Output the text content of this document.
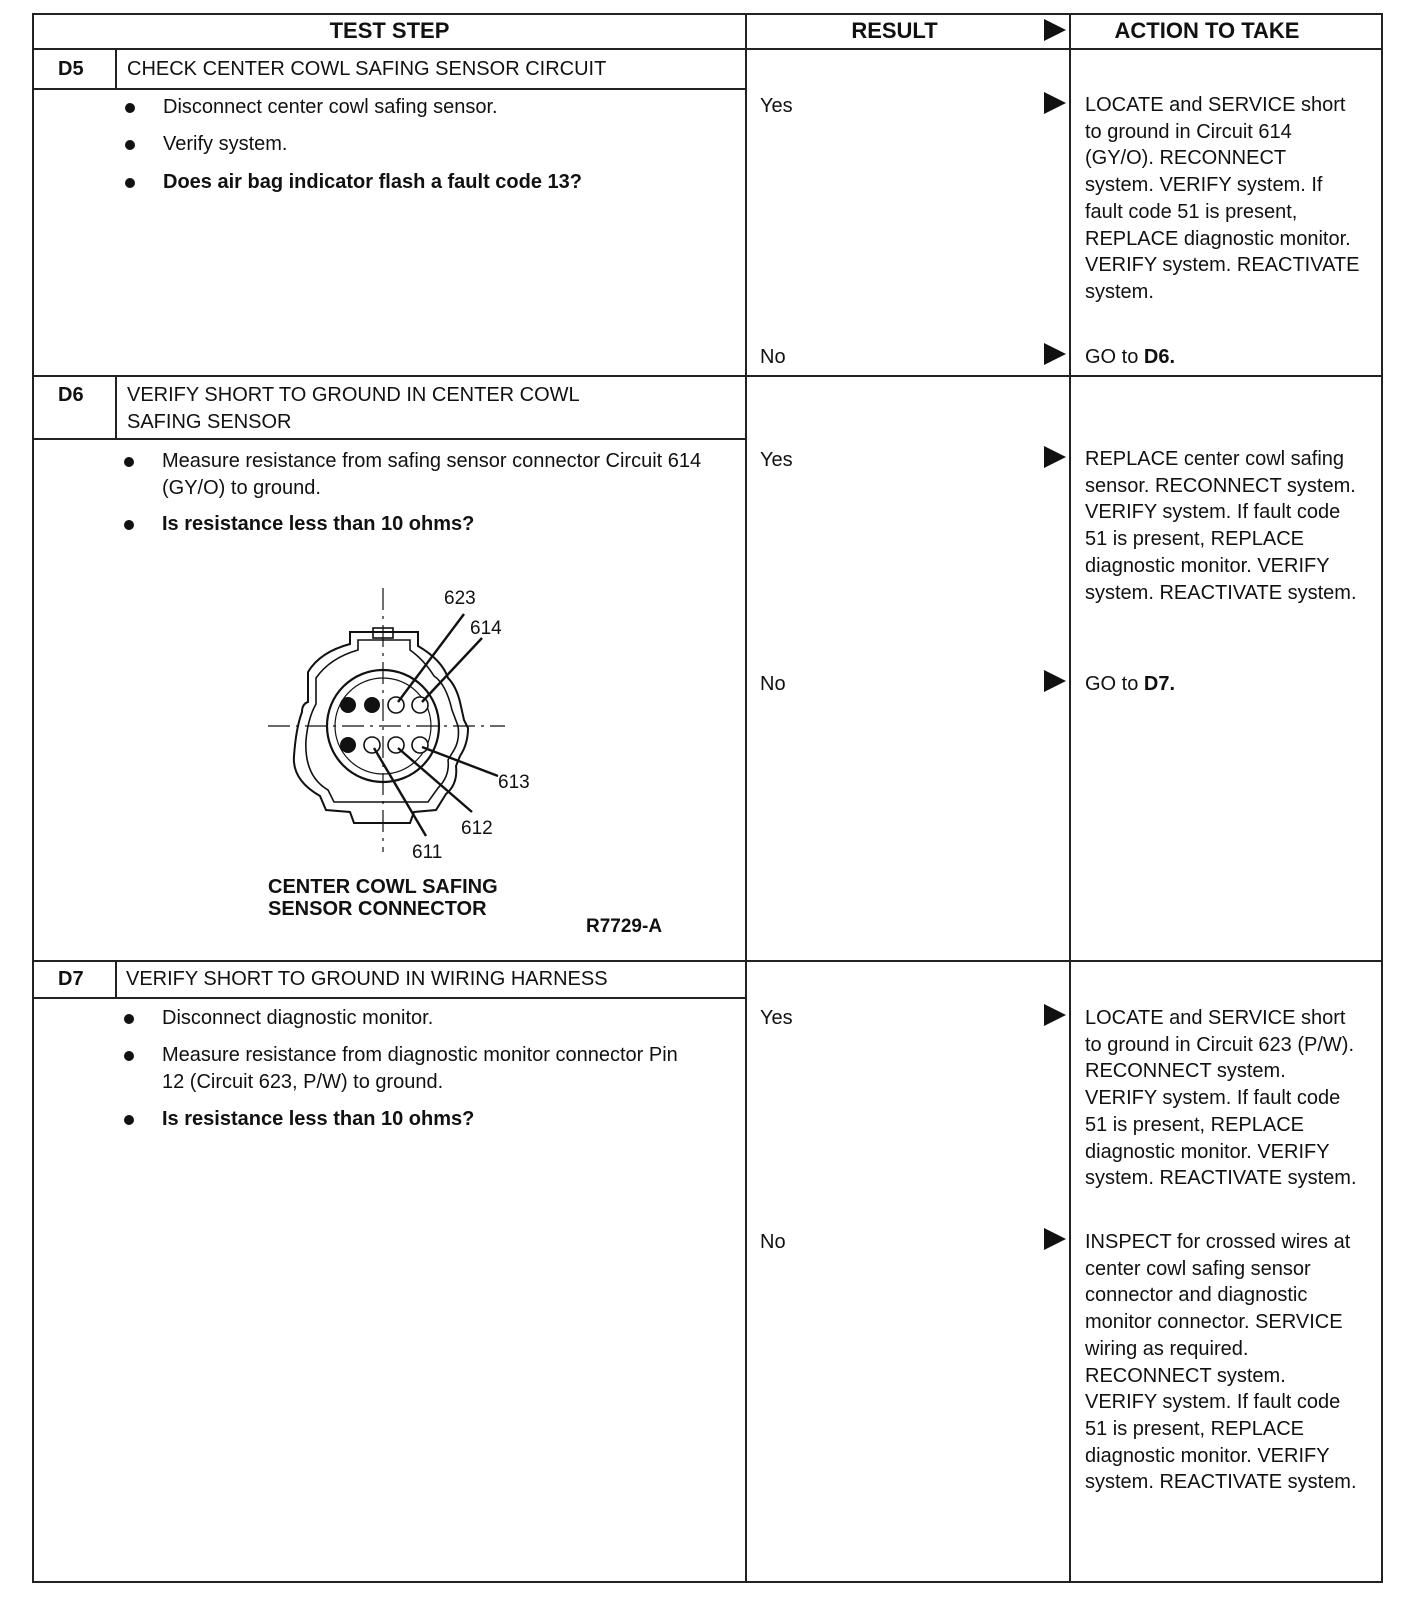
TEST STEP	RESULT	ACTION TO TAKE
D5 CHECK CENTER COWL SAFING SENSOR CIRCUIT
Disconnect center cowl safing sensor.
Verify system.
Does air bag indicator flash a fault code 13?
Yes	LOCATE and SERVICE short to ground in Circuit 614 (GY/O). RECONNECT system. VERIFY system. If fault code 51 is present, REPLACE diagnostic monitor. VERIFY system. REACTIVATE system.
No	GO to D6.
D6 VERIFY SHORT TO GROUND IN CENTER COWL
SAFING SENSOR
Measure resistance from safing sensor connector Circuit 614 (GY/O) to ground.
Is resistance less than 10 ohms?
Yes	REPLACE center cowl safing sensor. RECONNECT system. VERIFY system. If fault code 51 is present, REPLACE diagnostic monitor. VERIFY system. REACTIVATE system.
No	GO to D7.
623
614
613
612
611
CENTER COWL SAFING
SENSOR CONNECTOR
R7729-A
D7 VERIFY SHORT TO GROUND IN WIRING HARNESS
Disconnect diagnostic monitor.
Measure resistance from diagnostic monitor connector Pin 12 (Circuit 623, P/W) to ground.
Is resistance less than 10 ohms?
Yes	LOCATE and SERVICE short to ground in Circuit 623 (P/W). RECONNECT system. VERIFY system. If fault code 51 is present, REPLACE diagnostic monitor. VERIFY system. REACTIVATE system.
No	INSPECT for crossed wires at center cowl safing sensor connector and diagnostic monitor connector. SERVICE wiring as required. RECONNECT system. VERIFY system. If fault code 51 is present, REPLACE diagnostic monitor. VERIFY system. REACTIVATE system.
